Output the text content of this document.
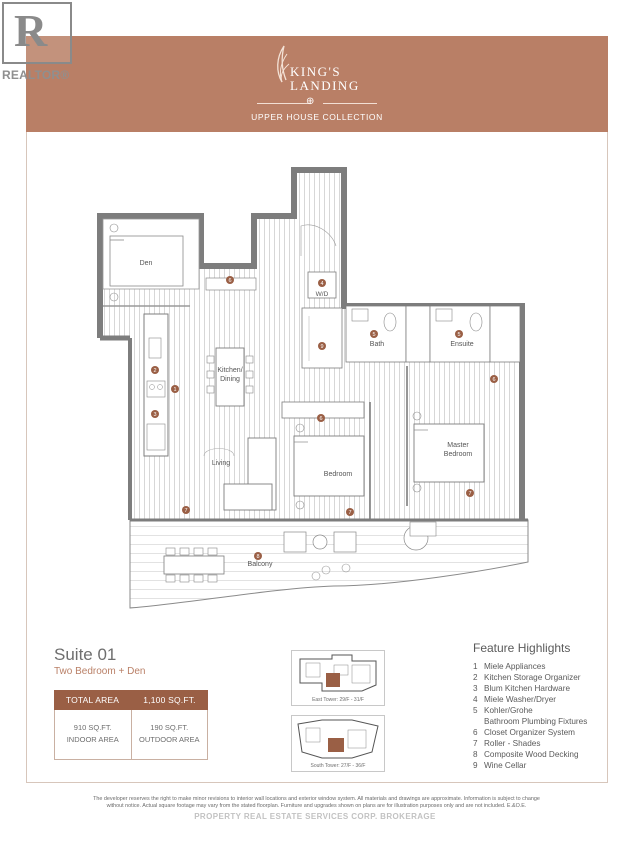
R
REALTOR®	KING'S
LANDING
⊕
UPPER HOUSE COLLECTION
Den
Kitchen/
Dining
Living
W/D
Bath	Ensuite
Bedroom
Master
Bedroom
Balcony
1
2
3
4
5	5
6
6
6
7	7
7
8
9
Suite 01
Two Bedroom + Den
TOTAL AREA	1,100 SQ.FT.
910 SQ.FT.
INDOOR AREA
190 SQ.FT.
OUTDOOR AREA
East Tower: 29/F - 31/F
South Tower: 27/F - 36/F
Feature Highlights
1 Miele Appliances
2 Kitchen Storage Organizer
3 Blum Kitchen Hardware
4 Miele Washer/Dryer
5 Kohler/Grohe
Bathroom Plumbing Fixtures
6 Closet Organizer System
7 Roller - Shades
8 Composite Wood Decking
9 Wine Cellar
The developer reserves the right to make minor revisions to interior wall locations and exterior window system. All materials and drawings are approximate. Information is subject to change
without notice. Actual square footage may vary from the stated floorplan. Furniture and upgrades shown on plans are for illustration purposes only and are not included. E.&O.E.
PROPERTY REAL ESTATE SERVICES CORP. BROKERAGE
